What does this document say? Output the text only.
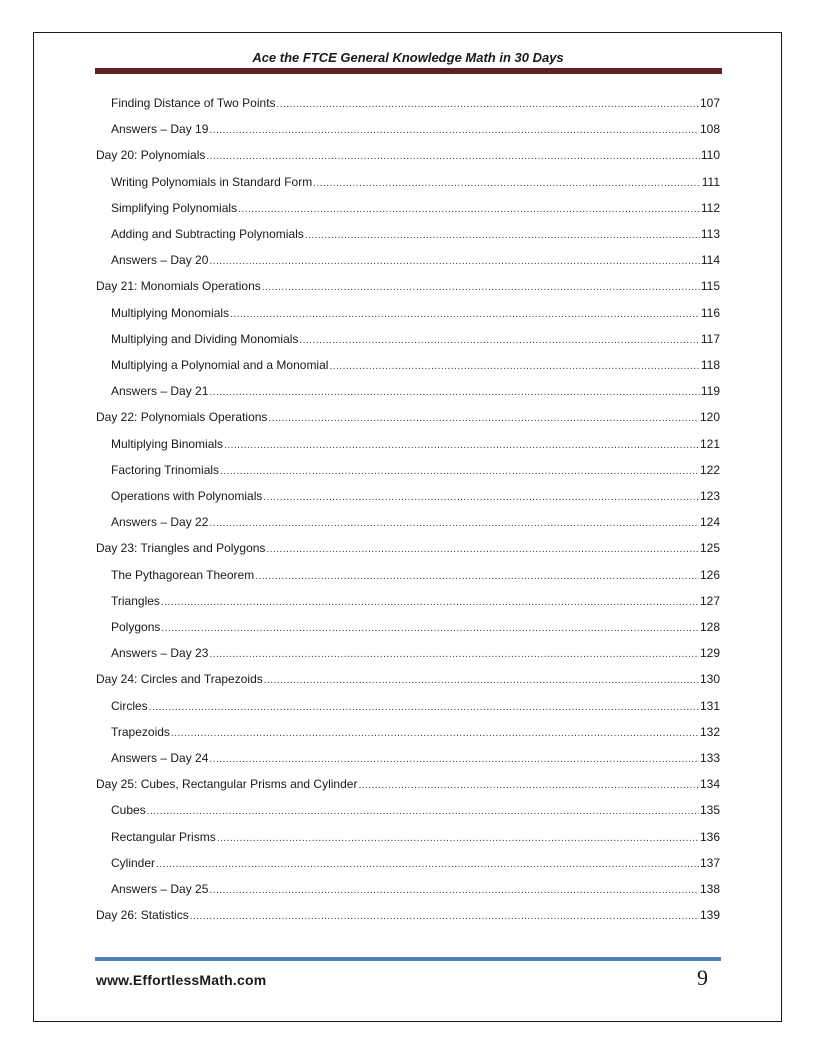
Ace the FTCE General Knowledge Math in 30 Days
Finding Distance of Two Points .....	107
Answers – Day 19 .....	108
Day 20: Polynomials .....	110
Writing Polynomials in Standard Form .....	111
Simplifying Polynomials .....	112
Adding and Subtracting Polynomials .....	113
Answers – Day 20 .....	114
Day 21: Monomials Operations .....	115
Multiplying Monomials .....	116
Multiplying and Dividing Monomials .....	117
Multiplying a Polynomial and a Monomial .....	118
Answers – Day 21 .....	119
Day 22: Polynomials Operations .....	120
Multiplying Binomials .....	121
Factoring Trinomials .....	122
Operations with Polynomials .....	123
Answers – Day 22 .....	124
Day 23: Triangles and Polygons .....	125
The Pythagorean Theorem .....	126
Triangles .....	127
Polygons .....	128
Answers – Day 23 .....	129
Day 24: Circles and Trapezoids .....	130
Circles .....	131
Trapezoids .....	132
Answers – Day 24 .....	133
Day 25: Cubes, Rectangular Prisms and Cylinder .....	134
Cubes .....	135
Rectangular Prisms .....	136
Cylinder .....	137
Answers – Day 25 .....	138
Day 26: Statistics .....	139
www.EffortlessMath.com	9
